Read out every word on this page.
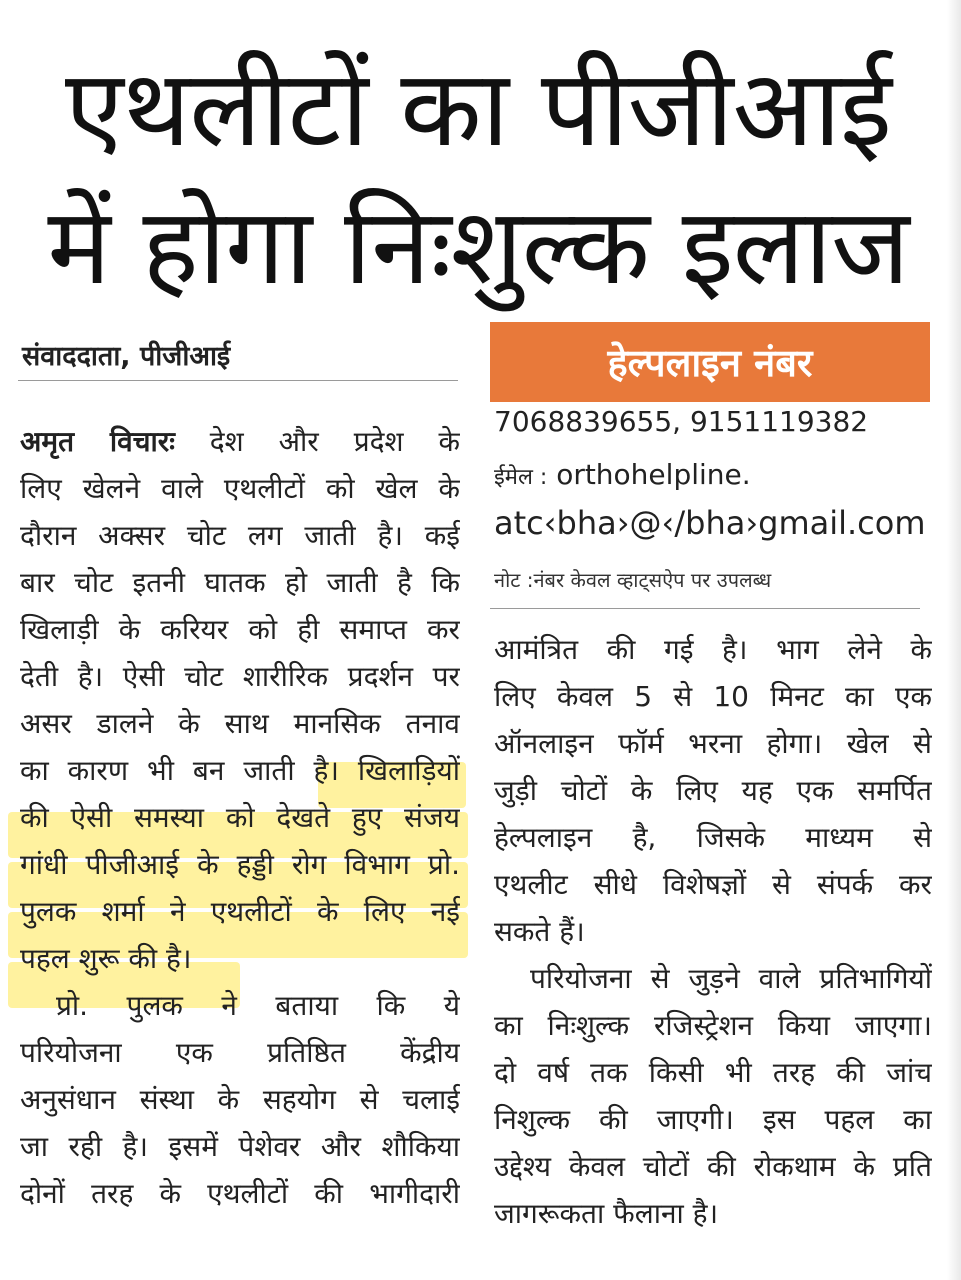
एथलीटों का पीजीआई
में होगा निःशुल्क इलाज
संवाददाता, पीजीआई
अमृत विचारः देश और प्रदेश के
लिए खेलने वाले एथलीटों को खेल के
दौरान अक्सर चोट लग जाती है। कई
बार चोट इतनी घातक हो जाती है कि
खिलाड़ी के करियर को ही समाप्त कर
देती है। ऐसी चोट शारीरिक प्रदर्शन पर
असर डालने के साथ मानसिक तनाव
का कारण भी बन जाती है। खिलाड़ियों
की ऐसी समस्या को देखते हुए संजय
गांधी पीजीआई के हड्डी रोग विभाग प्रो.
पुलक शर्मा ने एथलीटों के लिए नई
पहल शुरू की है।
प्रो. पुलक ने बताया कि ये
परियोजना एक प्रतिष्ठित केंद्रीय
अनुसंधान संस्था के सहयोग से चलाई
जा रही है। इसमें पेशेवर और शौकिया
दोनों तरह के एथलीटों की भागीदारी
हेल्पलाइन नंबर
7068839655, 9151119382
ईमेल : orthohelpline.
atc‹bha›@‹/bha›gmail.com
नोट :नंबर केवल व्हाट्सऐप पर उपलब्ध
आमंत्रित की गई है। भाग लेने के
लिए केवल 5 से 10 मिनट का एक
ऑनलाइन फॉर्म भरना होगा। खेल से
जुड़ी चोटों के लिए यह एक समर्पित
हेल्पलाइन है, जिसके माध्यम से
एथलीट सीधे विशेषज्ञों से संपर्क कर
सकते हैं।
परियोजना से जुड़ने वाले प्रतिभागियों
का निःशुल्क रजिस्ट्रेशन किया जाएगा।
दो वर्ष तक किसी भी तरह की जांच
निशुल्क की जाएगी। इस पहल का
उद्देश्य केवल चोटों की रोकथाम के प्रति
जागरूकता फैलाना है।
